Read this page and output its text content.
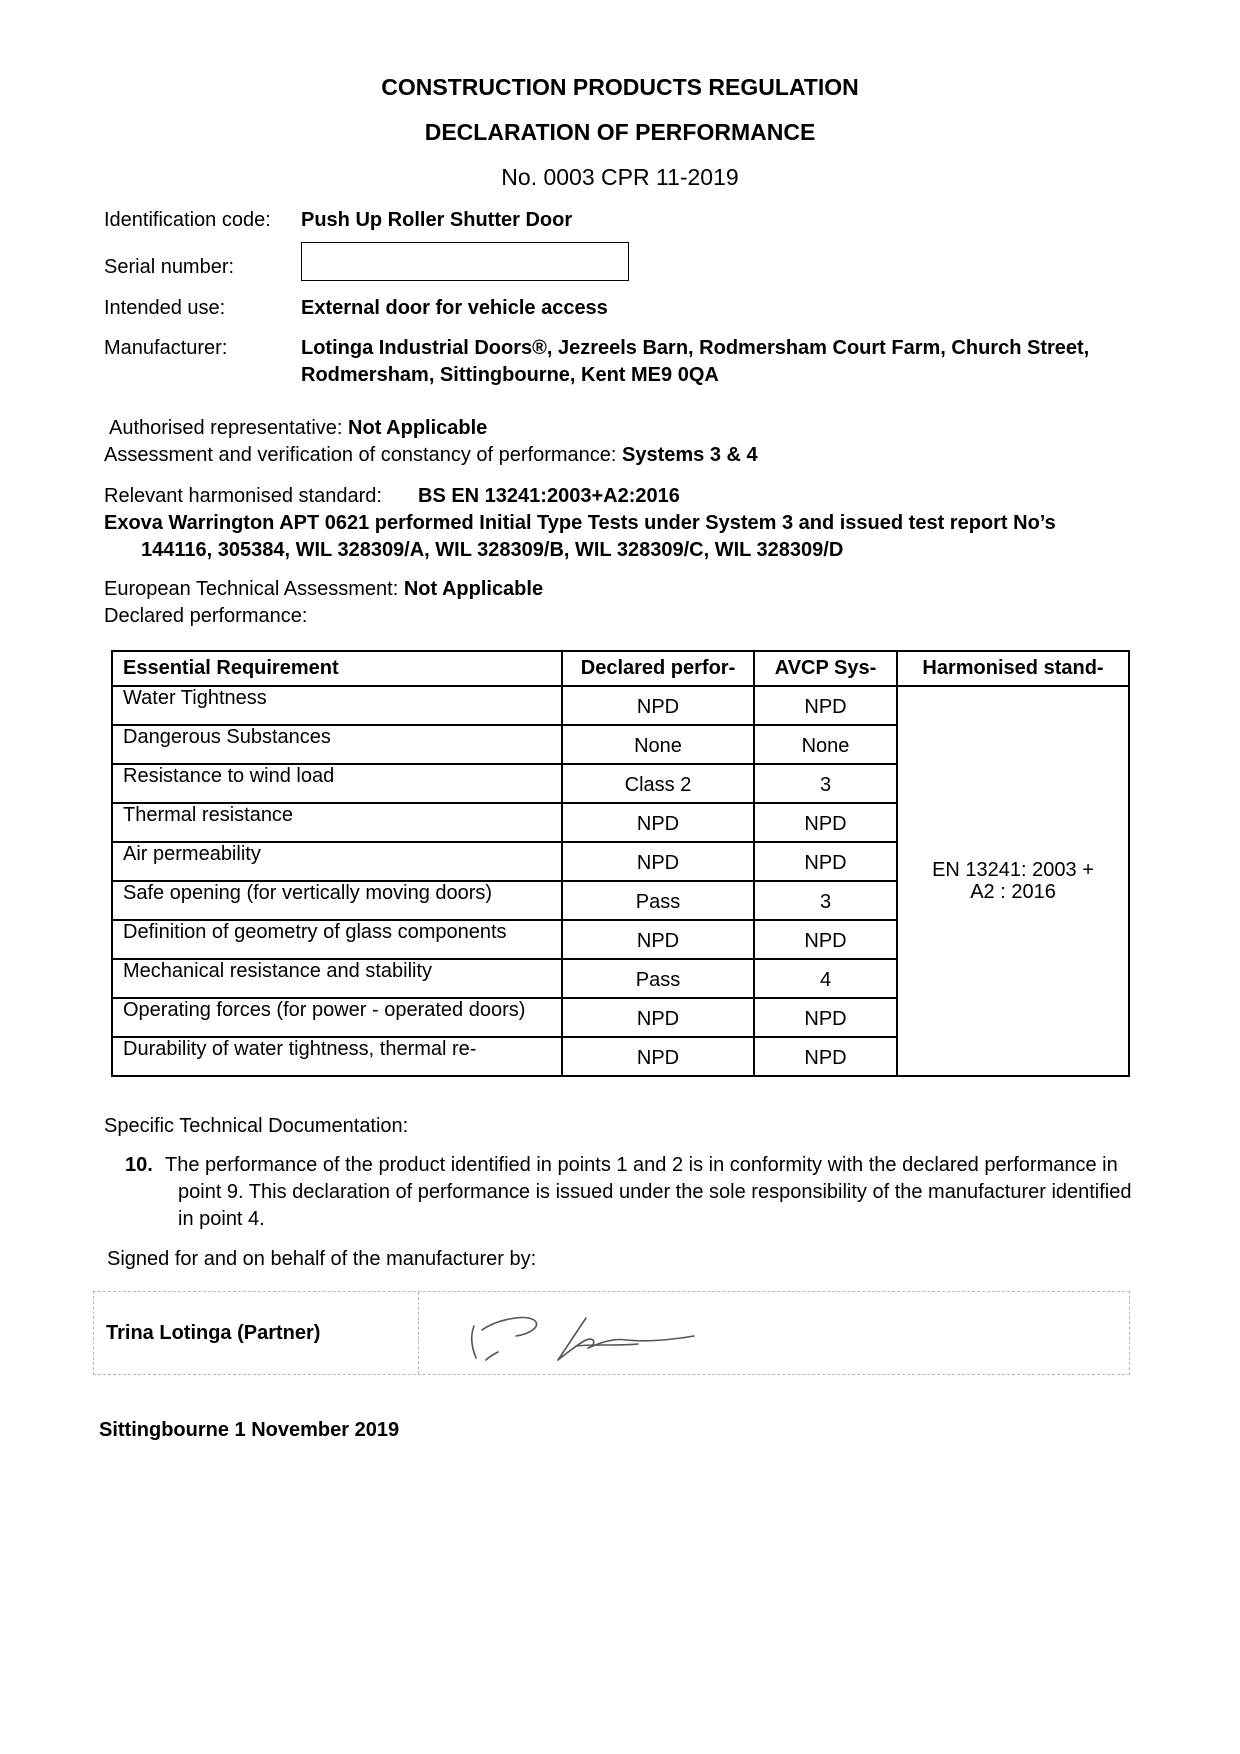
CONSTRUCTION PRODUCTS REGULATION
DECLARATION OF PERFORMANCE
No. 0003 CPR 11-2019
Identification code: Push Up Roller Shutter Door
Serial number:
Intended use:	External door for vehicle access
Manufacturer:	Lotinga Industrial Doors®, Jezreels Barn, Rodmersham Court Farm, Church Street,
Rodmersham, Sittingbourne, Kent ME9 0QA
Authorised representative: Not Applicable
Assessment and verification of constancy of performance: Systems 3 & 4
Relevant harmonised standard: BS EN 13241:2003+A2:2016
Exova Warrington APT 0621 performed Initial Type Tests under System 3 and issued test report No’s
144116, 305384, WIL 328309/A, WIL 328309/B, WIL 328309/C, WIL 328309/D
European Technical Assessment: Not Applicable
Declared performance:
Essential Requirement	Declared perfor-	AVCP Sys-	Harmonised stand-
Water Tightness	NPD	NPD	EN 13241: 2003 +
A2 : 2016
Dangerous Substances	None	None	
Resistance to wind load	Class 2	3	
Thermal resistance	NPD	NPD	
Air permeability	NPD	NPD	
Safe opening (for vertically moving doors)	Pass	3	
Definition of geometry of glass components	NPD	NPD	
Mechanical resistance and stability	Pass	4	
Operating forces (for power - operated doors)	NPD	NPD	
Durability of water tightness, thermal re-	NPD	NPD	
Specific Technical Documentation:
10. The performance of the product identified in points 1 and 2 is in conformity with the declared performance in
point 9. This declaration of performance is issued under the sole responsibility of the manufacturer identified
in point 4.
Signed for and on behalf of the manufacturer by:
Trina Lotinga (Partner)
Sittingbourne 1 November 2019
